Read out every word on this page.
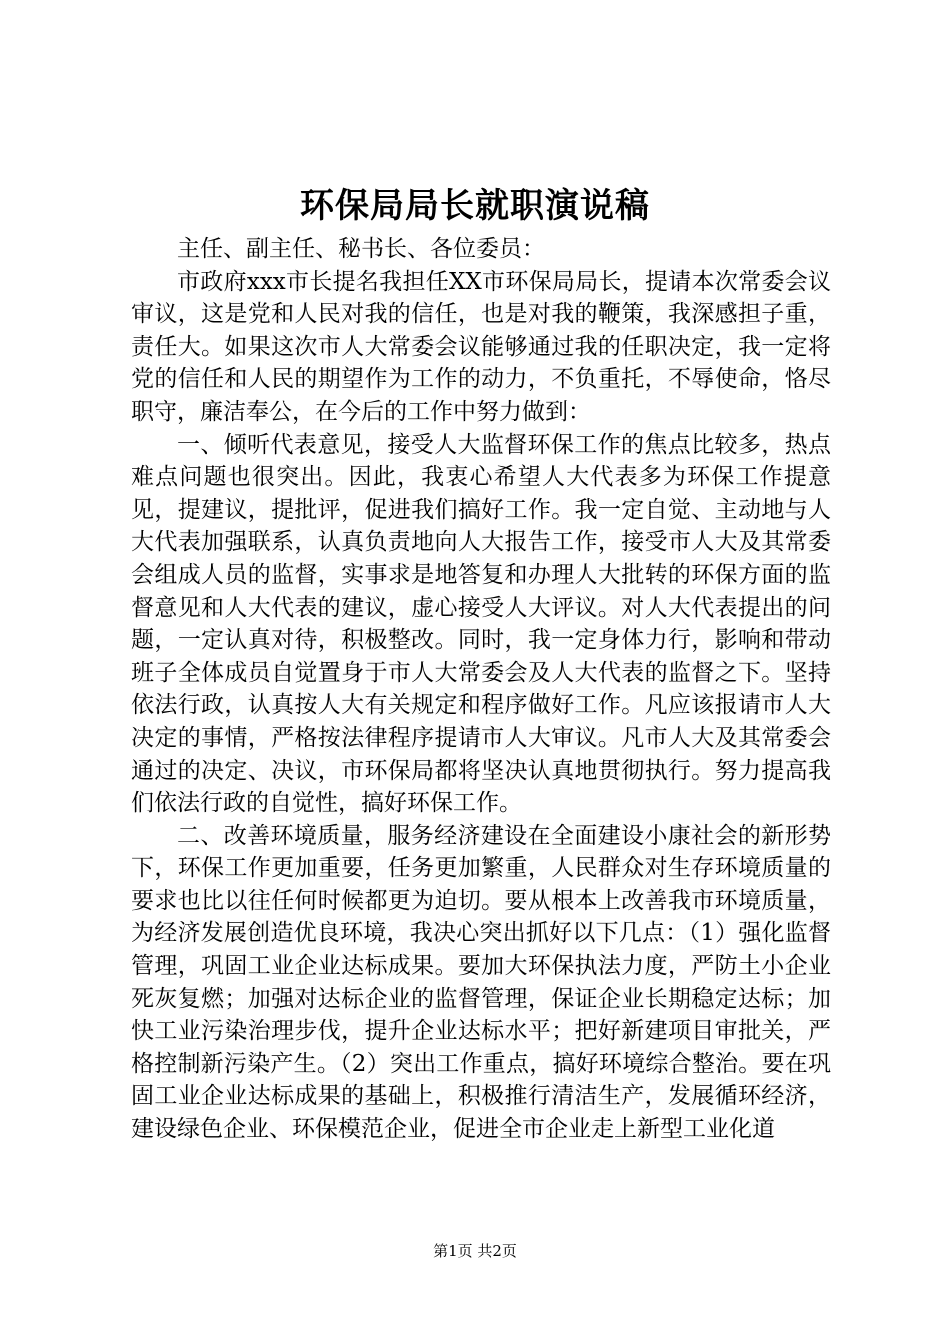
环保局局长就职演说稿

主任、副主任、秘书长、各位委员：

市政府xxx市长提名我担任XX市环保局局长，提请本次常委会议审议，这是党和人民对我的信任，也是对我的鞭策，我深感担子重，责任大。如果这次市人大常委会议能够通过我的任职决定，我一定将党的信任和人民的期望作为工作的动力，不负重托，不辱使命，恪尽职守，廉洁奉公，在今后的工作中努力做到：

一、倾听代表意见，接受人大监督环保工作的焦点比较多，热点难点问题也很突出。因此，我衷心希望人大代表多为环保工作提意见，提建议，提批评，促进我们搞好工作。我一定自觉、主动地与人大代表加强联系，认真负责地向人大报告工作，接受市人大及其常委会组成人员的监督，实事求是地答复和办理人大批转的环保方面的监督意见和人大代表的建议，虚心接受人大评议。对人大代表提出的问题，一定认真对待，积极整改。同时，我一定身体力行，影响和带动班子全体成员自觉置身于市人大常委会及人大代表的监督之下。坚持依法行政，认真按人大有关规定和程序做好工作。凡应该报请市人大决定的事情，严格按法律程序提请市人大审议。凡市人大及其常委会通过的决定、决议，市环保局都将坚决认真地贯彻执行。努力提高我们依法行政的自觉性，搞好环保工作。

二、改善环境质量，服务经济建设在全面建设小康社会的新形势下，环保工作更加重要，任务更加繁重，人民群众对生存环境质量的要求也比以往任何时候都更为迫切。要从根本上改善我市环境质量，为经济发展创造优良环境，我决心突出抓好以下几点：（1）强化监督管理，巩固工业企业达标成果。要加大环保执法力度，严防土小企业死灰复燃；加强对达标企业的监督管理，保证企业长期稳定达标；加快工业污染治理步伐，提升企业达标水平；把好新建项目审批关，严格控制新污染产生。（2）突出工作重点，搞好环境综合整治。要在巩固工业企业达标成果的基础上，积极推行清洁生产，发展循环经济，建设绿色企业、环保模范企业，促进全市企业走上新型工业化道

第1页 共2页
